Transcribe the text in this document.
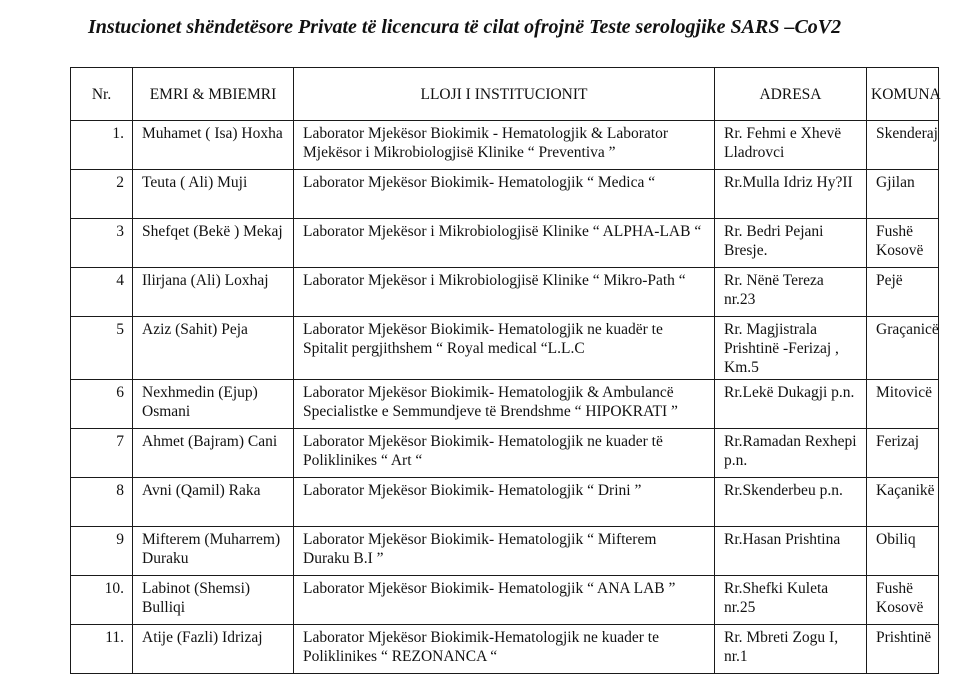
Instucionet shëndetësore Private të licencura të cilat ofrojnë Teste serologjike SARS –CoV2
Nr.	EMRI & MBIEMRI	LLOJI I INSTITUCIONIT	ADRESA	KOMUNA
1.	Muhamet ( Isa) Hoxha	Laborator Mjekësor Biokimik - Hematologjik & Laborator Mjekësor i Mikrobiologjisë Klinike “ Preventiva ”	Rr. Fehmi e Xhevë Lladrovci	Skenderaj
2	Teuta ( Ali) Muji	Laborator Mjekësor Biokimik- Hematologjik “ Medica “	Rr.Mulla Idriz Hy?II	Gjilan
3	Shefqet (Bekë ) Mekaj	Laborator Mjekësor i Mikrobiologjisë Klinike “ ALPHA-LAB “	Rr. Bedri Pejani Bresje.	Fushë Kosovë
4	Ilirjana (Ali) Loxhaj	Laborator Mjekësor i Mikrobiologjisë Klinike “ Mikro-Path “	Rr. Nënë Tereza nr.23	Pejë
5	Aziz (Sahit) Peja	Laborator Mjekësor Biokimik- Hematologjik ne kuadër te Spitalit pergjithshem “ Royal medical “L.L.C	Rr. Magjistrala Prishtinë -Ferizaj , Km.5	Graçanicë
6	Nexhmedin (Ejup) Osmani	Laborator Mjekësor Biokimik- Hematologjik & Ambulancë Specialistke e Semmundjeve të Brendshme “ HIPOKRATI ”	Rr.Lekë Dukagji p.n.	Mitovicë
7	Ahmet (Bajram) Cani	Laborator Mjekësor Biokimik- Hematologjik ne kuader të Poliklinikes “ Art “	Rr.Ramadan Rexhepi p.n.	Ferizaj
8	Avni (Qamil) Raka	Laborator Mjekësor Biokimik- Hematologjik “ Drini ”	Rr.Skenderbeu p.n.	Kaçanikë
9	Mifterem (Muharrem) Duraku	Laborator Mjekësor Biokimik- Hematologjik “ Mifterem Duraku B.I ”	Rr.Hasan Prishtina	Obiliq
10.	Labinot (Shemsi) Bulliqi	Laborator Mjekësor Biokimik- Hematologjik “ ANA LAB ”	Rr.Shefki Kuleta nr.25	Fushë Kosovë
11.	Atije (Fazli) Idrizaj	Laborator Mjekësor Biokimik-Hematologjik ne kuader te Poliklinikes “ REZONANCA “	Rr. Mbreti Zogu I, nr.1	Prishtinë
